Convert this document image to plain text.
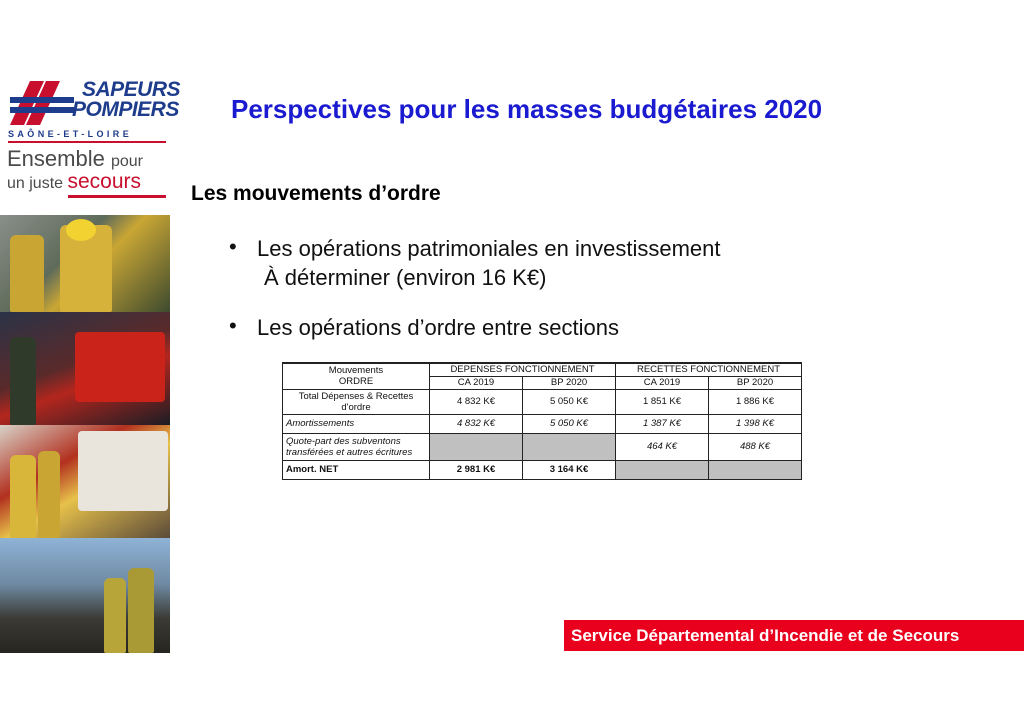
SAPEURS
POMPIERS
SAÔNE-ET-LOIRE
Ensemble pour
un juste secours
Perspectives pour les masses budgétaires 2020
Les mouvements d’ordre
• Les opérations patrimoniales en investissement
À déterminer (environ 16 K€)
• Les opérations d’ordre entre sections
Mouvements
ORDRE	DEPENSES FONCTIONNEMENT		RECETTES FONCTIONNEMENT	
	CA 2019	BP 2020	CA 2019	BP 2020
Total Dépenses & Recettes d'ordre	4 832 K€	5 050 K€	1 851 K€	1 886 K€
Amortissements	4 832 K€	5 050 K€	1 387 K€	1 398 K€
Quote-part des subventons transférées et autres écritures			464 K€	488 K€
Amort. NET	2 981 K€	3 164 K€		
Service Départemental d’Incendie et de Secours
